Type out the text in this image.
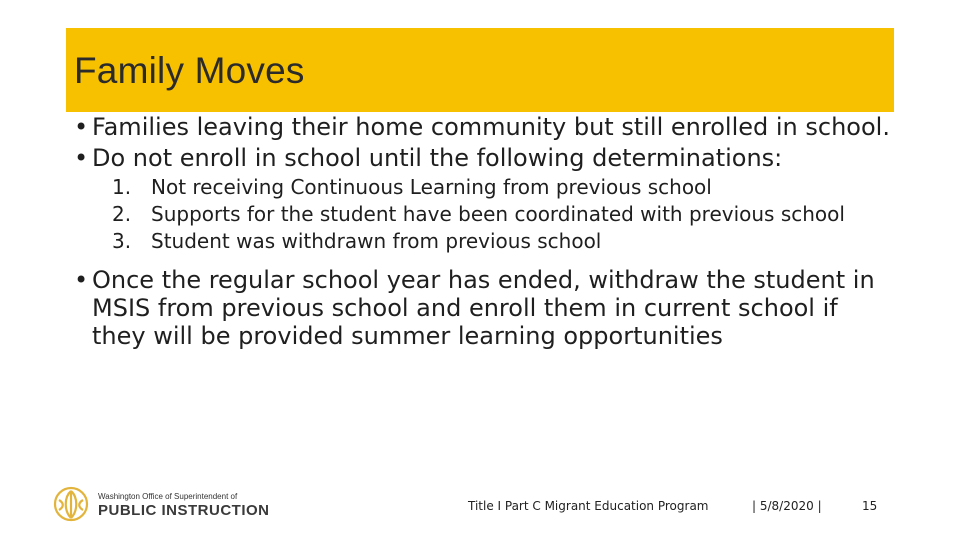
Family Moves
• Families leaving their home community but still enrolled in school.
• Do not enroll in school until the following determinations:
1. Not receiving Continuous Learning from previous school
2. Supports for the student have been coordinated with previous school
3. Student was withdrawn from previous school
• Once the regular school year has ended, withdraw the student in MSIS from previous school and enroll them in current school if they will be provided summer learning opportunities
Washington Office of Superintendent of
PUBLIC INSTRUCTION	Title I Part C Migrant Education Program	| 5/8/2020 |	15
